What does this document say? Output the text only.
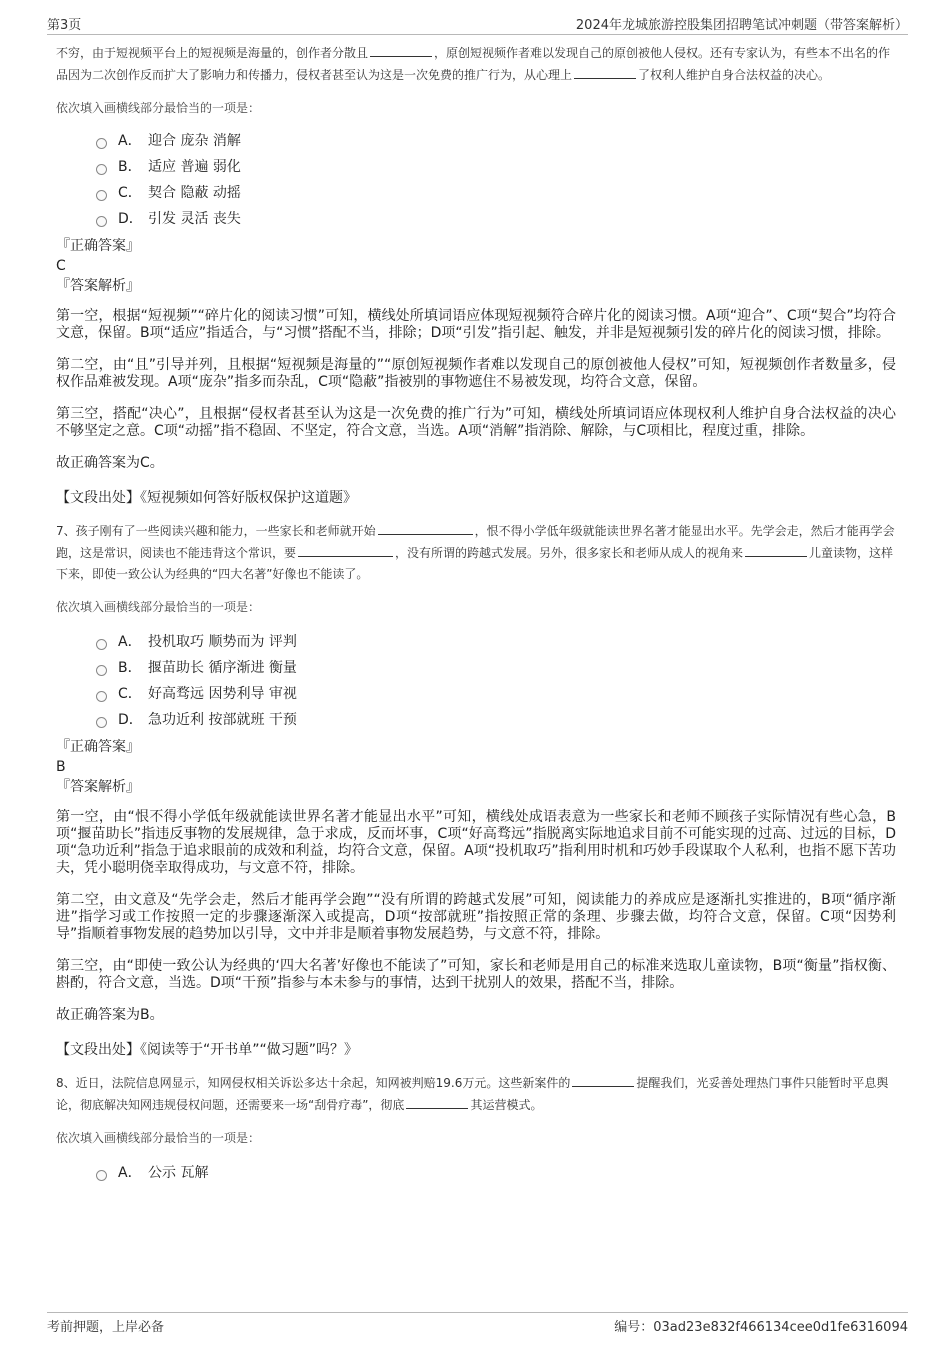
第3页	2024年龙城旅游控股集团招聘笔试冲刺题（带答案解析）

不穷，由于短视频平台上的短视频是海量的，创作者分散且	，原创短视频作者难以发现自己的原创被他人侵权。还有专家认为，有些本不出名的作品因为二次创作反而扩大了影响力和传播力，侵权者甚至认为这是一次免费的推广行为，从心理上	了权利人维护自身合法权益的决心。

依次填入画横线部分最恰当的一项是：

A． 迎合 庞杂 消解
B． 适应 普遍 弱化
C． 契合 隐蔽 动摇
D． 引发 灵活 丧失

『正确答案』

C

『答案解析』

第一空，根据“短视频”“碎片化的阅读习惯”可知，横线处所填词语应体现短视频符合碎片化的阅读习惯。A项“迎合”、C项“契合”均符合文意，保留。B项“适应”指适合，与“习惯”搭配不当，排除；D项“引发”指引起、触发，并非是短视频引发的碎片化的阅读习惯，排除。

第二空，由“且”引导并列，且根据“短视频是海量的”“原创短视频作者难以发现自己的原创被他人侵权”可知，短视频创作者数量多，侵权作品难被发现。A项“庞杂”指多而杂乱，C项“隐蔽”指被别的事物遮住不易被发现，均符合文意，保留。

第三空，搭配“决心”，且根据“侵权者甚至认为这是一次免费的推广行为”可知，横线处所填词语应体现权利人维护自身合法权益的决心不够坚定之意。C项“动摇”指不稳固、不坚定，符合文意，当选。A项“消解”指消除、解除，与C项相比，程度过重，排除。

故正确答案为C。

【文段出处】《短视频如何答好版权保护这道题》

7、孩子刚有了一些阅读兴趣和能力，一些家长和老师就开始	，恨不得小学低年级就能读世界名著才能显出水平。先学会走，然后才能再学会跑，这是常识，阅读也不能违背这个常识，要	，没有所谓的跨越式发展。另外，很多家长和老师从成人的视角来	儿童读物，这样下来，即使一致公认为经典的“四大名著”好像也不能读了。

依次填入画横线部分最恰当的一项是：

A． 投机取巧 顺势而为 评判
B． 揠苗助长 循序渐进 衡量
C． 好高骛远 因势利导 审视
D． 急功近利 按部就班 干预

『正确答案』

B

『答案解析』

第一空，由“恨不得小学低年级就能读世界名著才能显出水平”可知，横线处成语表意为一些家长和老师不顾孩子实际情况有些心急，B项“揠苗助长”指违反事物的发展规律，急于求成，反而坏事，C项“好高骛远”指脱离实际地追求目前不可能实现的过高、过远的目标，D项“急功近利”指急于追求眼前的成效和利益，均符合文意，保留。A项“投机取巧”指利用时机和巧妙手段谋取个人私利，也指不愿下苦功夫，凭小聪明侥幸取得成功，与文意不符，排除。

第二空，由文意及“先学会走，然后才能再学会跑”“没有所谓的跨越式发展”可知，阅读能力的养成应是逐渐扎实推进的，B项“循序渐进”指学习或工作按照一定的步骤逐渐深入或提高，D项“按部就班”指按照正常的条理、步骤去做，均符合文意，保留。C项“因势利导”指顺着事物发展的趋势加以引导，文中并非是顺着事物发展趋势，与文意不符，排除。

第三空，由“即使一致公认为经典的‘四大名著’好像也不能读了”可知，家长和老师是用自己的标准来选取儿童读物，B项“衡量”指权衡、斟酌，符合文意，当选。D项“干预”指参与本未参与的事情，达到干扰别人的效果，搭配不当，排除。

故正确答案为B。

【文段出处】《阅读等于“开书单”“做习题”吗？》

8、近日，法院信息网显示，知网侵权相关诉讼多达十余起，知网被判赔19.6万元。这些新案件的	提醒我们，光妥善处理热门事件只能暂时平息舆论，彻底解决知网违规侵权问题，还需要来一场“刮骨疗毒”，彻底	其运营模式。

依次填入画横线部分最恰当的一项是：

A． 公示 瓦解
考前押题，上岸必备	编号：03ad23e832f466134cee0d1fe6316094
